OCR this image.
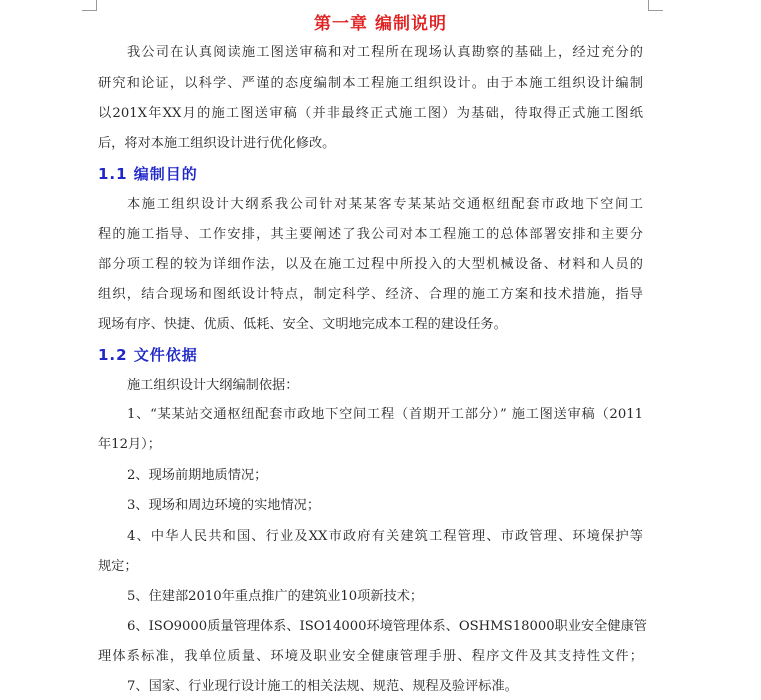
第一章 编制说明
我公司在认真阅读施工图送审稿和对工程所在现场认真勘察的基础上，经过充分的
研究和论证，以科学、严谨的态度编制本工程施工组织设计。由于本施工组织设计编制
以201X年XX月的施工图送审稿（并非最终正式施工图）为基础，待取得正式施工图纸
后，将对本施工组织设计进行优化修改。
1.1 编制目的
本施工组织设计大纲系我公司针对某某客专某某站交通枢纽配套市政地下空间工
程的施工指导、工作安排，其主要阐述了我公司对本工程施工的总体部署安排和主要分
部分项工程的较为详细作法，以及在施工过程中所投入的大型机械设备、材料和人员的
组织，结合现场和图纸设计特点，制定科学、经济、合理的施工方案和技术措施，指导
现场有序、快捷、优质、低耗、安全、文明地完成本工程的建设任务。
1.2 文件依据
施工组织设计大纲编制依据：
1、“某某站交通枢纽配套市政地下空间工程（首期开工部分）” 施工图送审稿（2011
年12月）；
2、现场前期地质情况；
3、现场和周边环境的实地情况；
4、中华人民共和国、行业及XX市政府有关建筑工程管理、市政管理、环境保护等
规定；
5、住建部2010年重点推广的建筑业10项新技术；
6、ISO9000质量管理体系、ISO14000环境管理体系、OSHMS18000职业安全健康管
理体系标准，我单位质量、环境及职业安全健康管理手册、程序文件及其支持性文件；
7、国家、行业现行设计施工的相关法规、规范、规程及验评标准。
